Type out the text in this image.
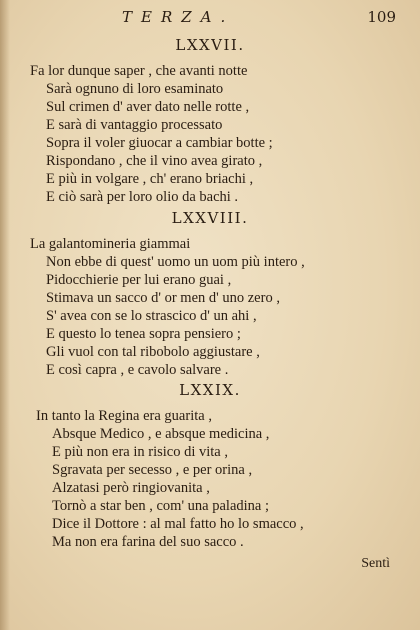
TERZA.	109
LXXVII.
Fa lor dunque saper , che avanti notte
Sarà ognuno di loro esaminato
Sul crimen d' aver dato nelle rotte ,
E sarà di vantaggio processato
Sopra il voler giuocar a cambiar botte ;
Rispondano , che il vino avea girato ,
E più in volgare , ch' erano briachi ,
E ciò sarà per loro olio da bachi .
LXXVIII.
La galantomineria giammai
Non ebbe di quest' uomo un uom più intero ,
Pidocchierie per lui erano guai ,
Stimava un sacco d' or men d' uno zero ,
S' avea con se lo strascico d' un ahi ,
E questo lo tenea sopra pensiero ;
Gli vuol con tal ribobolo aggiustare ,
E così capra , e cavolo salvare .
LXXIX.
In tanto la Regina era guarita ,
Absque Medico , e absque medicina ,
E più non era in risico di vita ,
Sgravata per secesso , e per orina ,
Alzatasi però ringiovanita ,
Tornò a star ben , com' una paladina ;
Dice il Dottore : al mal fatto ho lo smacco ,
Ma non era farina del suo sacco .
Sentì
